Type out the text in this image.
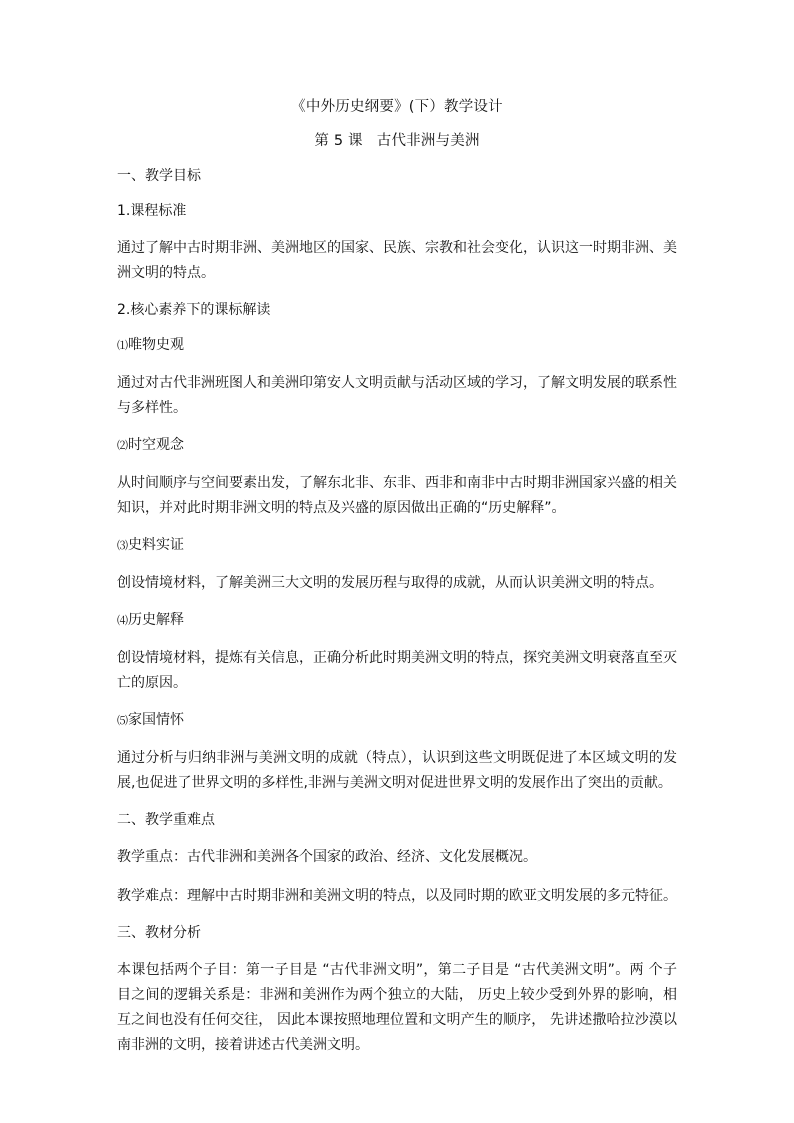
《中外历史纲要》(下）教学设计
第 5 课 古代非洲与美洲
一、教学目标
1.课程标准
通过了解中古时期非洲、美洲地区的国家、民族、宗教和社会变化，认识这一时期非洲、美洲文明的特点。
2.核心素养下的课标解读
⑴唯物史观
通过对古代非洲班图人和美洲印第安人文明贡献与活动区域的学习，了解文明发展的联系性与多样性。
⑵时空观念
从时间顺序与空间要素出发，了解东北非、东非、西非和南非中古时期非洲国家兴盛的相关知识，并对此时期非洲文明的特点及兴盛的原因做出正确的“历史解释”。
⑶史料实证
创设情境材料，了解美洲三大文明的发展历程与取得的成就，从而认识美洲文明的特点。
⑷历史解释
创设情境材料，提炼有关信息，正确分析此时期美洲文明的特点，探究美洲文明衰落直至灭亡的原因。
⑸家国情怀
通过分析与归纳非洲与美洲文明的成就（特点），认识到这些文明既促进了本区域文明的发展,也促进了世界文明的多样性,非洲与美洲文明对促进世界文明的发展作出了突出的贡献。
二、教学重难点
教学重点：古代非洲和美洲各个国家的政治、经济、文化发展概况。
教学难点：理解中古时期非洲和美洲文明的特点，以及同时期的欧亚文明发展的多元特征。
三、教材分析
本课包括两个子目：第一子目是 “古代非洲文明”，第二子目是 “古代美洲文明”。两 个子目之间的逻辑关系是：非洲和美洲作为两个独立的大陆， 历史上较少受到外界的影响，相互之间也没有任何交往， 因此本课按照地理位置和文明产生的顺序， 先讲述撒哈拉沙漠以 南非洲的文明，接着讲述古代美洲文明。
